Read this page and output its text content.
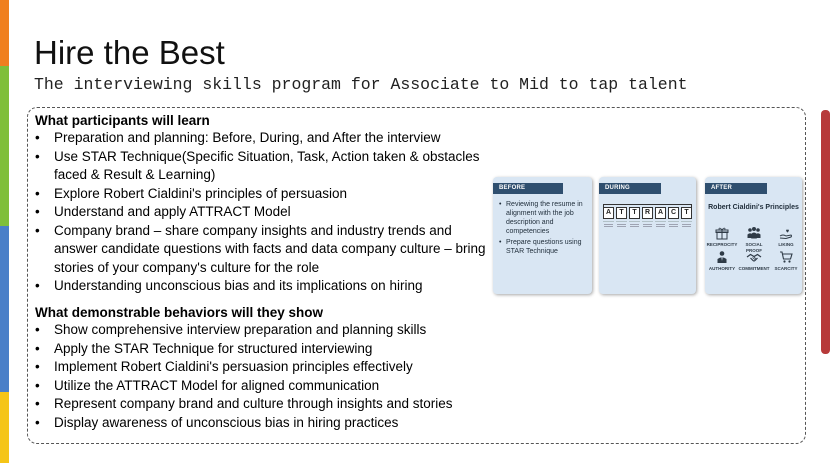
Hire the Best

The interviewing skills program for Associate to Mid to tap talent

What participants will learn

• Preparation and planning: Before, During, and After the interview
• Use STAR Technique(Specific Situation, Task, Action taken & obstacles faced & Result & Learning)
• Explore Robert Cialdini's principles of persuasion
• Understand and apply ATTRACT Model
• Company brand – share company insights and industry trends and answer candidate questions with facts and data company culture – bring stories of your company's culture for the role
• Understanding unconscious bias and its implications on hiring

What demonstrable behaviors will they show

• Show comprehensive interview preparation and planning skills
• Apply the STAR Technique for structured interviewing
• Implement Robert Cialdini's persuasion principles effectively
• Utilize the ATTRACT Model for aligned communication
• Represent company brand and culture through insights and stories
• Display awareness of unconscious bias in hiring practices
BEFORE
• Reviewing the resume in alignment with the job description and competencies
• Prepare questions using STAR Technique
DURING
A	T	T	R	A	C	T
AFTER
Robert Cialdini's Principles
RECIPROCITY	SOCIAL PROOF
LIKING
AUTHORITY COMMITMENT	SCARCITY
